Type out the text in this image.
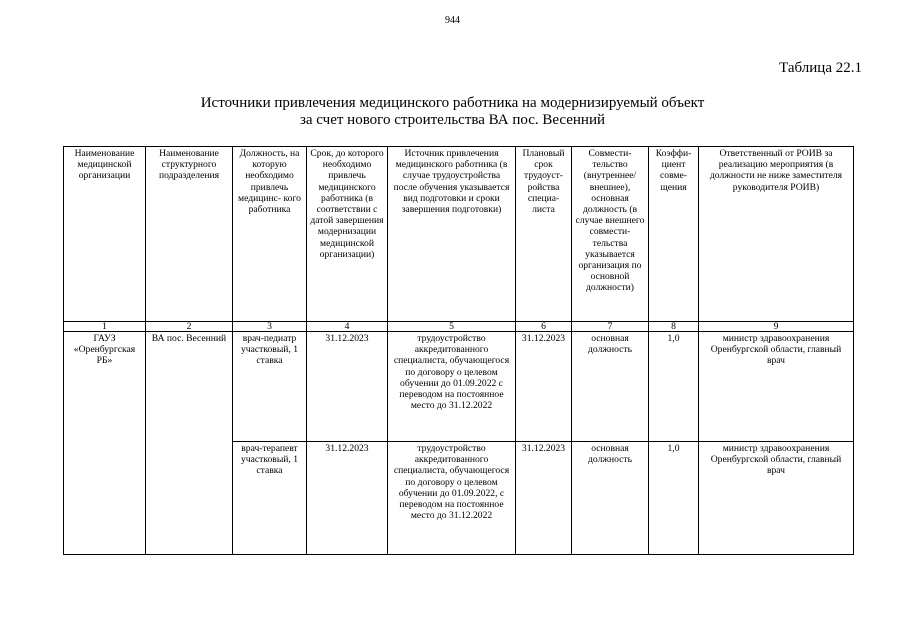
944
Таблица 22.1
Источники привлечения медицинского работника на модернизируемый объект
за счет нового строительства ВА пос. Весенний
Наименование медицинской организации	Наименование структурного подразделения	Должность, на которую необходимо привлечь медицинс- кого работника	Срок, до которого необходимо привлечь медицинского работника (в соответствии с датой завершения модернизации медицинской организации)	Источник привлечения медицинского работника (в случае трудоустройства после обучения указывается вид подготовки и сроки завершения подготовки)	Плановый срок трудоуст- ройства специа- листа	Совмести- тельство (внутреннее/ внешнее), основная должность (в случае внешнего совмести- тельства указывается организация по основной должности)	Коэффи- циент совме- щения	Ответственный от РОИВ за реализацию мероприятия (в должности не ниже заместителя руководителя РОИВ)
1	2	3	4	5	6	7	8	9
ГАУЗ «Оренбургская РБ»	ВА пос. Весенний	врач-педиатр участковый, 1 ставка	31.12.2023	трудоустройство аккредитованного специалиста, обучающегося по договору о целевом обучении до 01.09.2022 с переводом на постоянное место до 31.12.2022	31.12.2023	основная должность	1,0	министр здравоохранения Оренбургской области, главный врач
		врач-терапевт участковый, 1 ставка	31.12.2023	трудоустройство аккредитованного специалиста, обучающегося по договору о целевом обучении до 01.09.2022, с переводом на постоянное место до 31.12.2022	31.12.2023	основная должность	1,0	министр здравоохранения Оренбургской области, главный врач
